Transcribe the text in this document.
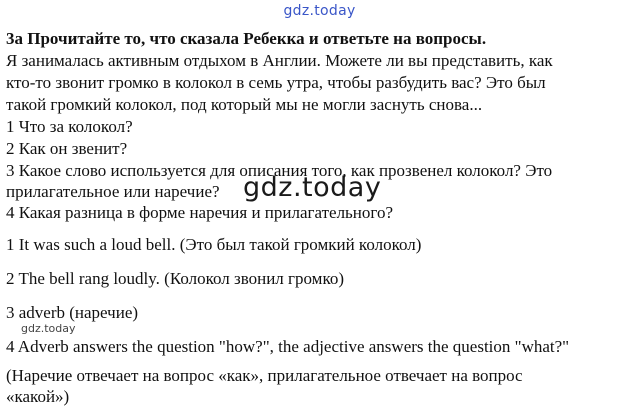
gdz.today
3a Прочитайте то, что сказала Ребекка и ответьте на вопросы.
Я занималась активным отдыхом в Англии. Можете ли вы представить, как
кто-то звонит громко в колокол в семь утра, чтобы разбудить вас? Это был
такой громкий колокол, под который мы не могли заснуть снова...
1 Что за колокол?
2 Как он звенит?
3 Какое слово используется для описания того, как прозвенел колокол? Это
прилагательное или наречие?
4 Какая разница в форме наречия и прилагательного?
gdz.today
1 It was such a loud bell. (Это был такой громкий колокол)
2 The bell rang loudly. (Колокол звонил громко)
3 adverb (наречие)
gdz.today
4 Adverb answers the question "how?", the adjective answers the question "what?"
(Наречие отвечает на вопрос «как», прилагательное отвечает на вопрос
«какой»)
